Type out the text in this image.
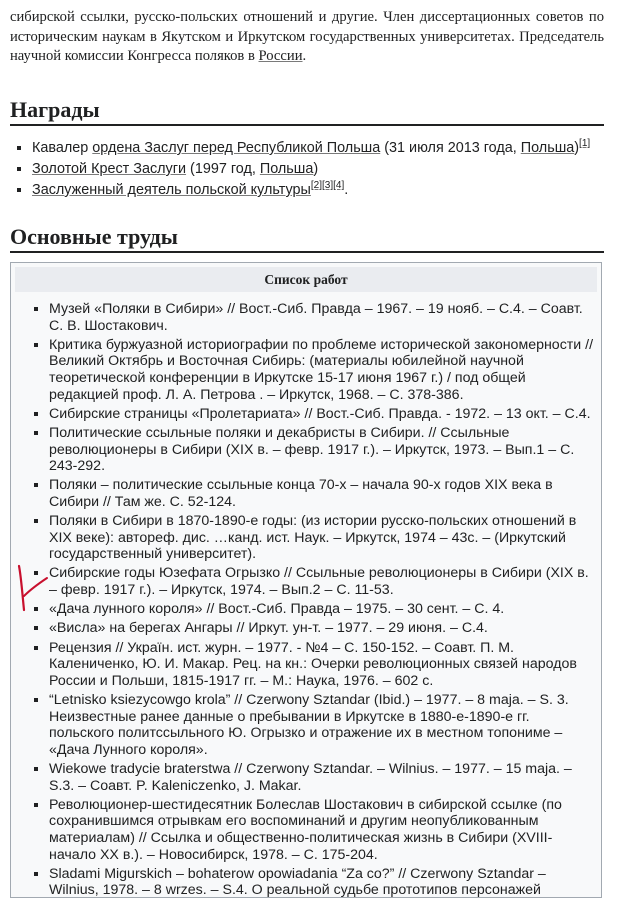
сибирской ссылки, русско-польских отношений и другие. Член диссертационных советов по историческим наукам в Якутском и Иркутском государственных университетах. Председатель научной комиссии Конгресса поляков в России.

Награды
▪ Кавалер ордена Заслуг перед Республикой Польша (31 июля 2013 года, Польша)[1]
▪ Золотой Крест Заслуги (1997 год, Польша)
▪ Заслуженный деятель польской культуры[2][3][4].
Основные труды
Список работ
▪ Музей «Поляки в Сибири» // Вост.-Сиб. Правда – 1967. – 19 нояб. – С.4. – Соавт. С. В. Шостакович.
▪ Критика буржуазной историографии по проблеме исторической закономерности // Великий Октябрь и Восточная Сибирь: (материалы юбилейной научной теоретической конференции в Иркутске 15-17 июня 1967 г.) / под общей редакцией проф. Л. А. Петрова . – Иркутск, 1968. – С. 378-386.
▪ Сибирские страницы «Пролетариата» // Вост.-Сиб. Правда. - 1972. – 13 окт. – С.4.
▪ Политические ссыльные поляки и декабристы в Сибири. // Ссыльные революционеры в Сибири (XIX в. – февр. 1917 г.). – Иркутск, 1973. – Вып.1 – С. 243-292.
▪ Поляки – политические ссыльные конца 70-х – начала 90-х годов XIX века в Сибири // Там же. С. 52-124.
▪ Поляки в Сибири в 1870-1890-е годы: (из истории русско-польских отношений в XIX веке): автореф. дис. …канд. ист. Наук. – Иркутск, 1974 – 43с. – (Иркутский государственный университет).
▪ Сибирские годы Юзефата Огрызко // Ссыльные революционеры в Сибири (XIX в. – февр. 1917 г.). – Иркутск, 1974. – Вып.2 – С. 11-53.
▪ «Дача лунного короля» // Вост.-Сиб. Правда – 1975. – 30 сент. – С. 4.
▪ «Висла» на берегах Ангары // Иркут. ун-т. – 1977. – 29 июня. – С.4.
▪ Рецензия // Україн. ист. журн. – 1977. - №4 – С. 150-152. – Соавт. П. М. Калениченко, Ю. И. Макар. Рец. на кн.: Очерки революционных связей народов России и Польши, 1815-1917 гг. – М.: Наука, 1976. – 602 с.
▪ “Letnisko ksiezycowgo krola” // Czerwony Sztandar (Ibid.) – 1977. – 8 maja. – S. 3. Неизвестные ранее данные о пребывании в Иркутске в 1880-е-1890-е гг. польского политссыльного Ю. Огрызко и отражение их в местном топониме – «Дача Лунного короля».
▪ Wiekowe tradycie braterstwa // Czerwony Sztandar. – Wilnius. – 1977. – 15 maja. – S.3. – Соавт. P. Kaleniczenko, J. Makar.
▪ Революционер-шестидесятник Болеслав Шостакович в сибирской ссылке (по сохранившимся отрывкам его воспоминаний и другим неопубликованным материалам) // Ссылка и общественно-политическая жизнь в Сибири (XVIII-начало XX в.). – Новосибирск, 1978. – С. 175-204.
▪ Sladami Migurskich – bohaterow opowiadania “Za co?” // Czerwony Sztandar – Wilnius, 1978. – 8 wrzes. – S.4. О реальной судьбе прототипов персонажей
